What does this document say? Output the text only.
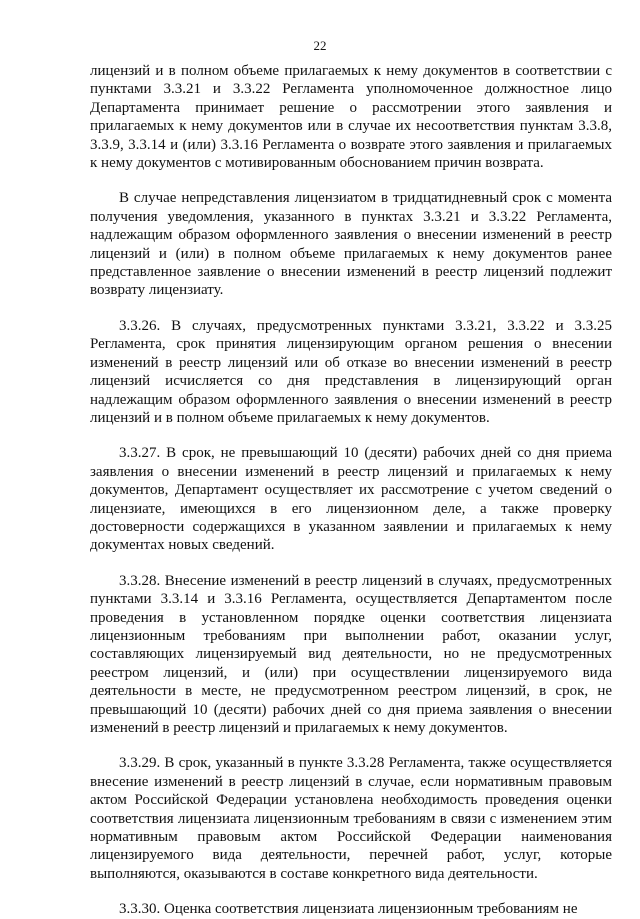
22

лицензий и в полном объеме прилагаемых к нему документов в соответствии с пунктами 3.3.21 и 3.3.22 Регламента уполномоченное должностное лицо Департамента принимает решение о рассмотрении этого заявления и прилагаемых к нему документов или в случае их несоответствия пунктам 3.3.8, 3.3.9, 3.3.14 и (или) 3.3.16 Регламента о возврате этого заявления и прилагаемых к нему документов с мотивированным обоснованием причин возврата.

В случае непредставления лицензиатом в тридцатидневный срок с момента получения уведомления, указанного в пунктах 3.3.21 и 3.3.22 Регламента, надлежащим образом оформленного заявления о внесении изменений в реестр лицензий и (или) в полном объеме прилагаемых к нему документов ранее представленное заявление о внесении изменений в реестр лицензий подлежит возврату лицензиату.

3.3.26. В случаях, предусмотренных пунктами 3.3.21, 3.3.22 и 3.3.25 Регламента, срок принятия лицензирующим органом решения о внесении изменений в реестр лицензий или об отказе во внесении изменений в реестр лицензий исчисляется со дня представления в лицензирующий орган надлежащим образом оформленного заявления о внесении изменений в реестр лицензий и в полном объеме прилагаемых к нему документов.

3.3.27. В срок, не превышающий 10 (десяти) рабочих дней со дня приема заявления о внесении изменений в реестр лицензий и прилагаемых к нему документов, Департамент осуществляет их рассмотрение с учетом сведений о лицензиате, имеющихся в его лицензионном деле, а также проверку достоверности содержащихся в указанном заявлении и прилагаемых к нему документах новых сведений.

3.3.28. Внесение изменений в реестр лицензий в случаях, предусмотренных пунктами 3.3.14 и 3.3.16 Регламента, осуществляется Департаментом после проведения в установленном порядке оценки соответствия лицензиата лицензионным требованиям при выполнении работ, оказании услуг, составляющих лицензируемый вид деятельности, но не предусмотренных реестром лицензий, и (или) при осуществлении лицензируемого вида деятельности в месте, не предусмотренном реестром лицензий, в срок, не превышающий 10 (десяти) рабочих дней со дня приема заявления о внесении изменений в реестр лицензий и прилагаемых к нему документов.

3.3.29. В срок, указанный в пункте 3.3.28 Регламента, также осуществляется внесение изменений в реестр лицензий в случае, если нормативным правовым актом Российской Федерации установлена необходимость проведения оценки соответствия лицензиата лицензионным требованиям в связи с изменением этим нормативным правовым актом Российской Федерации наименования лицензируемого вида деятельности, перечней работ, услуг, которые выполняются, оказываются в составе конкретного вида деятельности.

3.3.30. Оценка соответствия лицензиата лицензионным требованиям не
